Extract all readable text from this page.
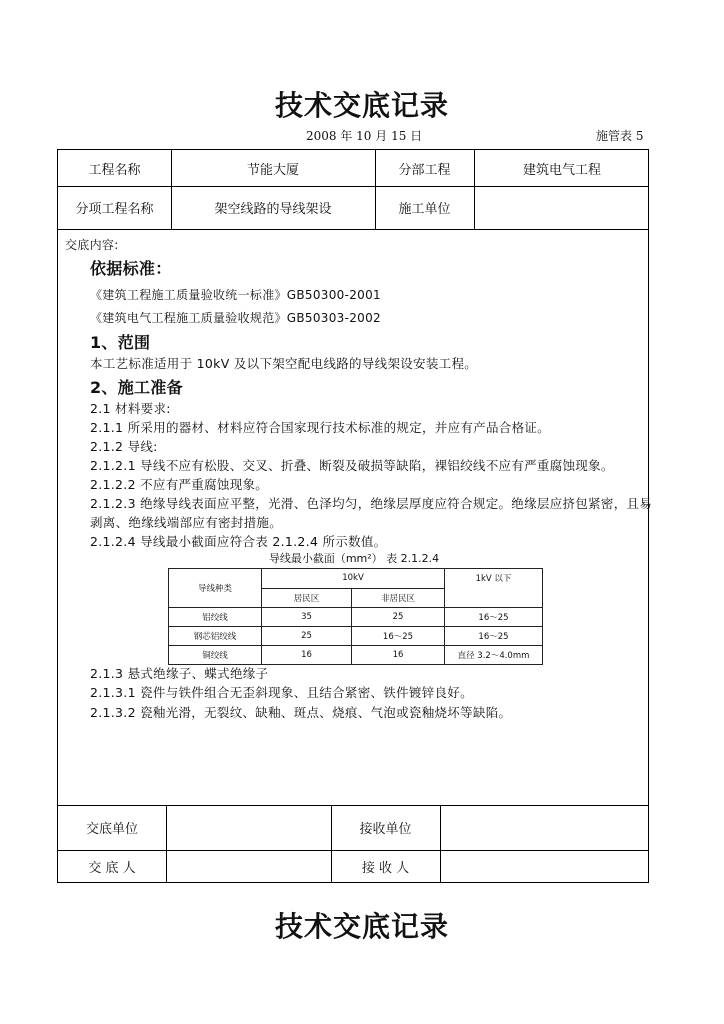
技术交底记录
2008 年 10 月 15 日	施管表 5
工程名称	节能大厦	分部工程	建筑电气工程
分项工程名称	架空线路的导线架设	施工单位
交底内容:
依据标准：
《建筑工程施工质量验收统一标准》GB50300-2001
《建筑电气工程施工质量验收规范》GB50303-2002
1、范围
本工艺标准适用于 10kV 及以下架空配电线路的导线架设安装工程。
2、施工准备
2.1 材料要求:
2.1.1 所采用的器材、材料应符合国家现行技术标准的规定，并应有产品合格证。
2.1.2 导线:
2.1.2.1 导线不应有松股、交叉、折叠、断裂及破损等缺陷，裸铝绞线不应有严重腐蚀现象。
2.1.2.2 不应有严重腐蚀现象。
2.1.2.3 绝缘导线表面应平整，光滑、色泽均匀，绝缘层厚度应符合规定。绝缘层应挤包紧密，且易
剥离、绝缘线端部应有密封措施。
2.1.2.4 导线最小截面应符合表 2.1.2.4 所示数值。
导线最小截面（mm²） 表 2.1.2.4
导线种类	10kV		1kV 以下
	居民区	非居民区	
铝绞线	35	25	16～25
钢芯铝绞线	25	16～25	16～25
铜绞线	16	16	直径 3.2～4.0mm
2.1.3 悬式绝缘子、蝶式绝缘子
2.1.3.1 瓷件与铁件组合无歪斜现象、且结合紧密、铁件镀锌良好。
2.1.3.2 瓷釉光滑，无裂纹、缺釉、斑点、烧痕、气泡或瓷釉烧坏等缺陷。
交底单位	接收单位
交 底 人	接 收 人
技术交底记录
